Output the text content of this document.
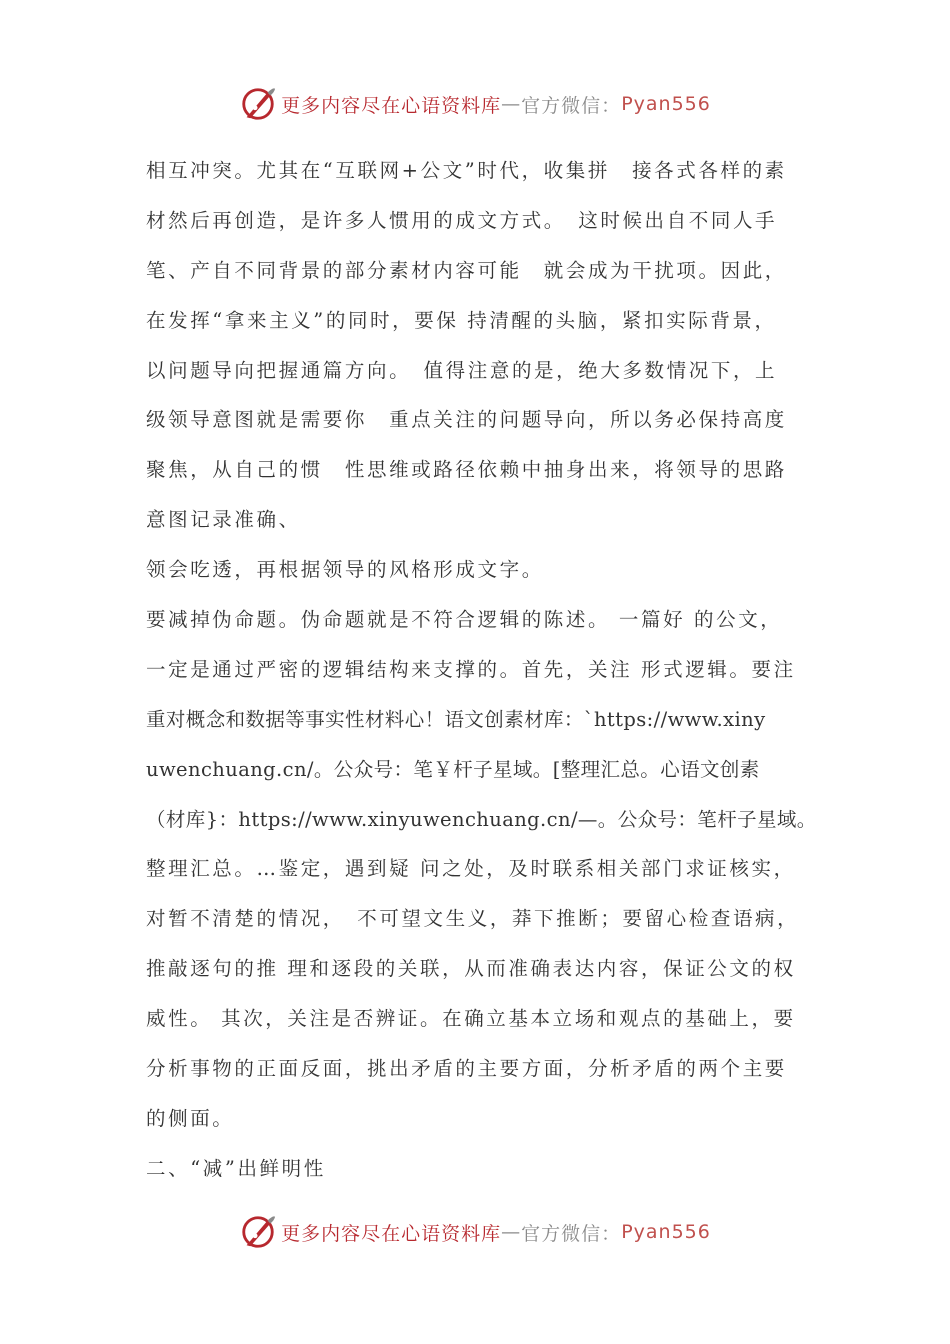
更多内容尽在心语资料库 — 官方微信： Pyan556
相互冲突。尤其在“互联网+公文”时代，收集拼　接各式各样的素
材然后再创造，是许多人惯用的成文方式。　这时候出自不同人手
笔、产自不同背景的部分素材内容可能　就会成为干扰项。因此，
在发挥“拿来主义”的同时，要保 持清醒的头脑，紧扣实际背景，
以问题导向把握通篇方向。　值得注意的是，绝大多数情况下，上
级领导意图就是需要你　重点关注的问题导向，所以务必保持高度
聚焦，从自己的惯　性思维或路径依赖中抽身出来，将领导的思路
意图记录准确、
领会吃透，再根据领导的风格形成文字。
要减掉伪命题。伪命题就是不符合逻辑的陈述。 一篇好 的公文，
一定是通过严密的逻辑结构来支撑的。首先，关注 形式逻辑。要注
重对概念和数据等事实性材料心！语文创素材库：`https://www.xiny
uwenchuang.cn/。公众号：笔￥杆子星域。[整理汇总。心语文创素
（材库}：https://www.xinyuwenchuang.cn/—。公众号：笔杆子星域。
整理汇总。…鉴定，遇到疑 问之处，及时联系相关部门求证核实，
对暂不清楚的情况，　不可望文生义，莽下推断；要留心检查语病，
推敲逐句的推 理和逐段的关联，从而准确表达内容，保证公文的权
威性。 其次，关注是否辨证。在确立基本立场和观点的基础上，要
分析事物的正面反面，挑出矛盾的主要方面，分析矛盾的两个主要
的侧面。
二、“减”出鲜明性
更多内容尽在心语资料库 — 官方微信： Pyan556
